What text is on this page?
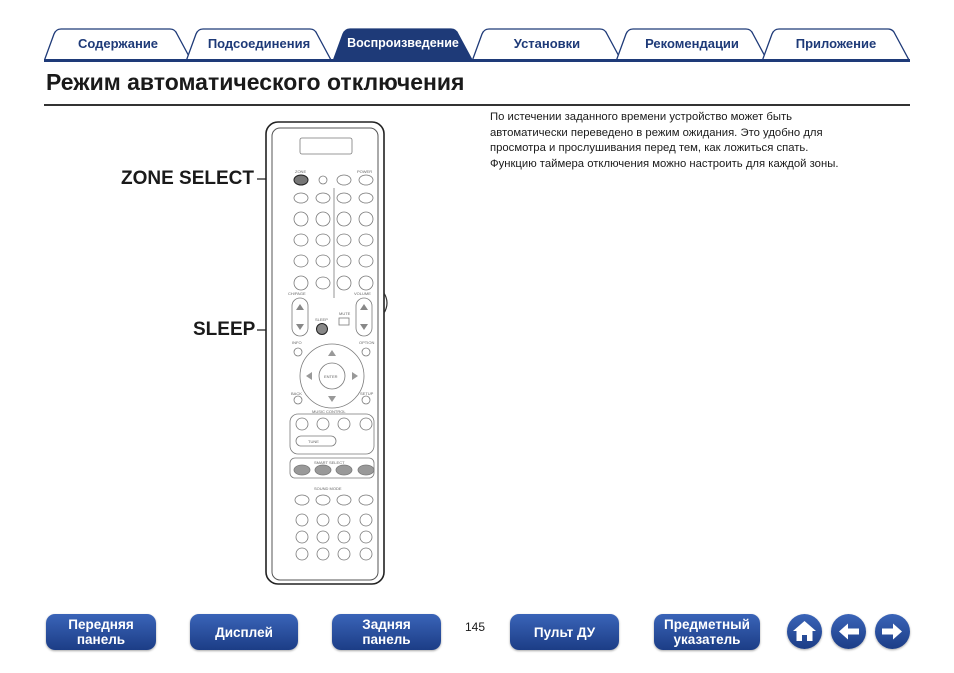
Содержание	Подсоединения	Воспроизведение	Установки	Рекомендации	Приложение
Режим автоматического отключения
По истечении заданного времени устройство может быть
автоматически переведено в режим ожидания. Это удобно для
просмотра и прослушивания перед тем, как ложиться спать.
Функцию таймера отключения можно настроить для каждой зоны.
ZONE SELECT
SLEEP
ZONE	POWER
CH/PAGE	VOLUME
SLEEP
MUTE
INFO	OPTION
ENTER
BACK	SETUP
MUSIC CONTROL
TUNE
SMART SELECT
SOUND MODE
Передняя
панель	Дисплей	Задняя
панель
145	Пульт ДУ	Предметный
указатель
